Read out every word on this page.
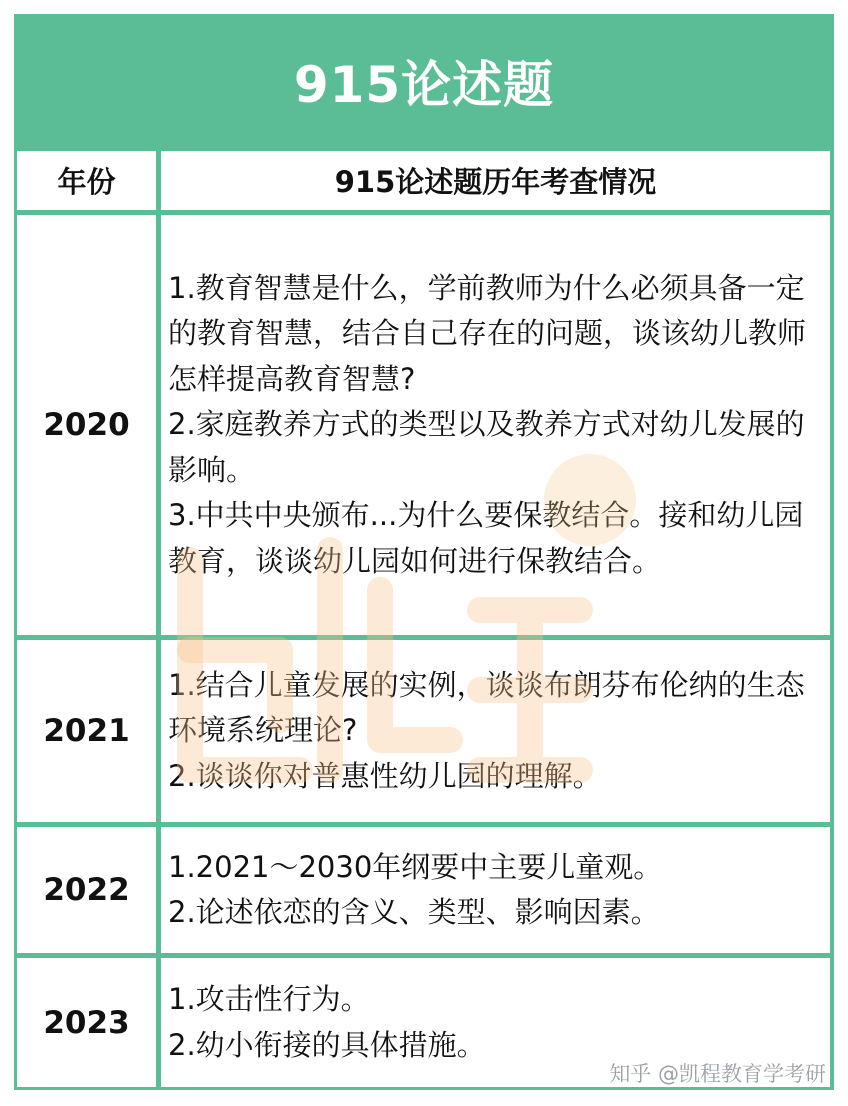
915论述题
年份	915论述题历年考查情况
2020
1.教育智慧是什么，学前教师为什么必须具备一定的教育智慧，结合自己存在的问题，谈该幼儿教师怎样提高教育智慧?
2.家庭教养方式的类型以及教养方式对幼儿发展的影响。
3.中共中央颁布...为什么要保教结合。接和幼儿园教育，谈谈幼儿园如何进行保教结合。
2021
1.结合儿童发展的实例，谈谈布朗芬布伦纳的生态环境系统理论?
2.谈谈你对普惠性幼儿园的理解。
2022
1.2021～2030年纲要中主要儿童观。
2.论述依恋的含义、类型、影响因素。
2023
1.攻击性行为。
2.幼小衔接的具体措施。
知乎 @凯程教育学考研
